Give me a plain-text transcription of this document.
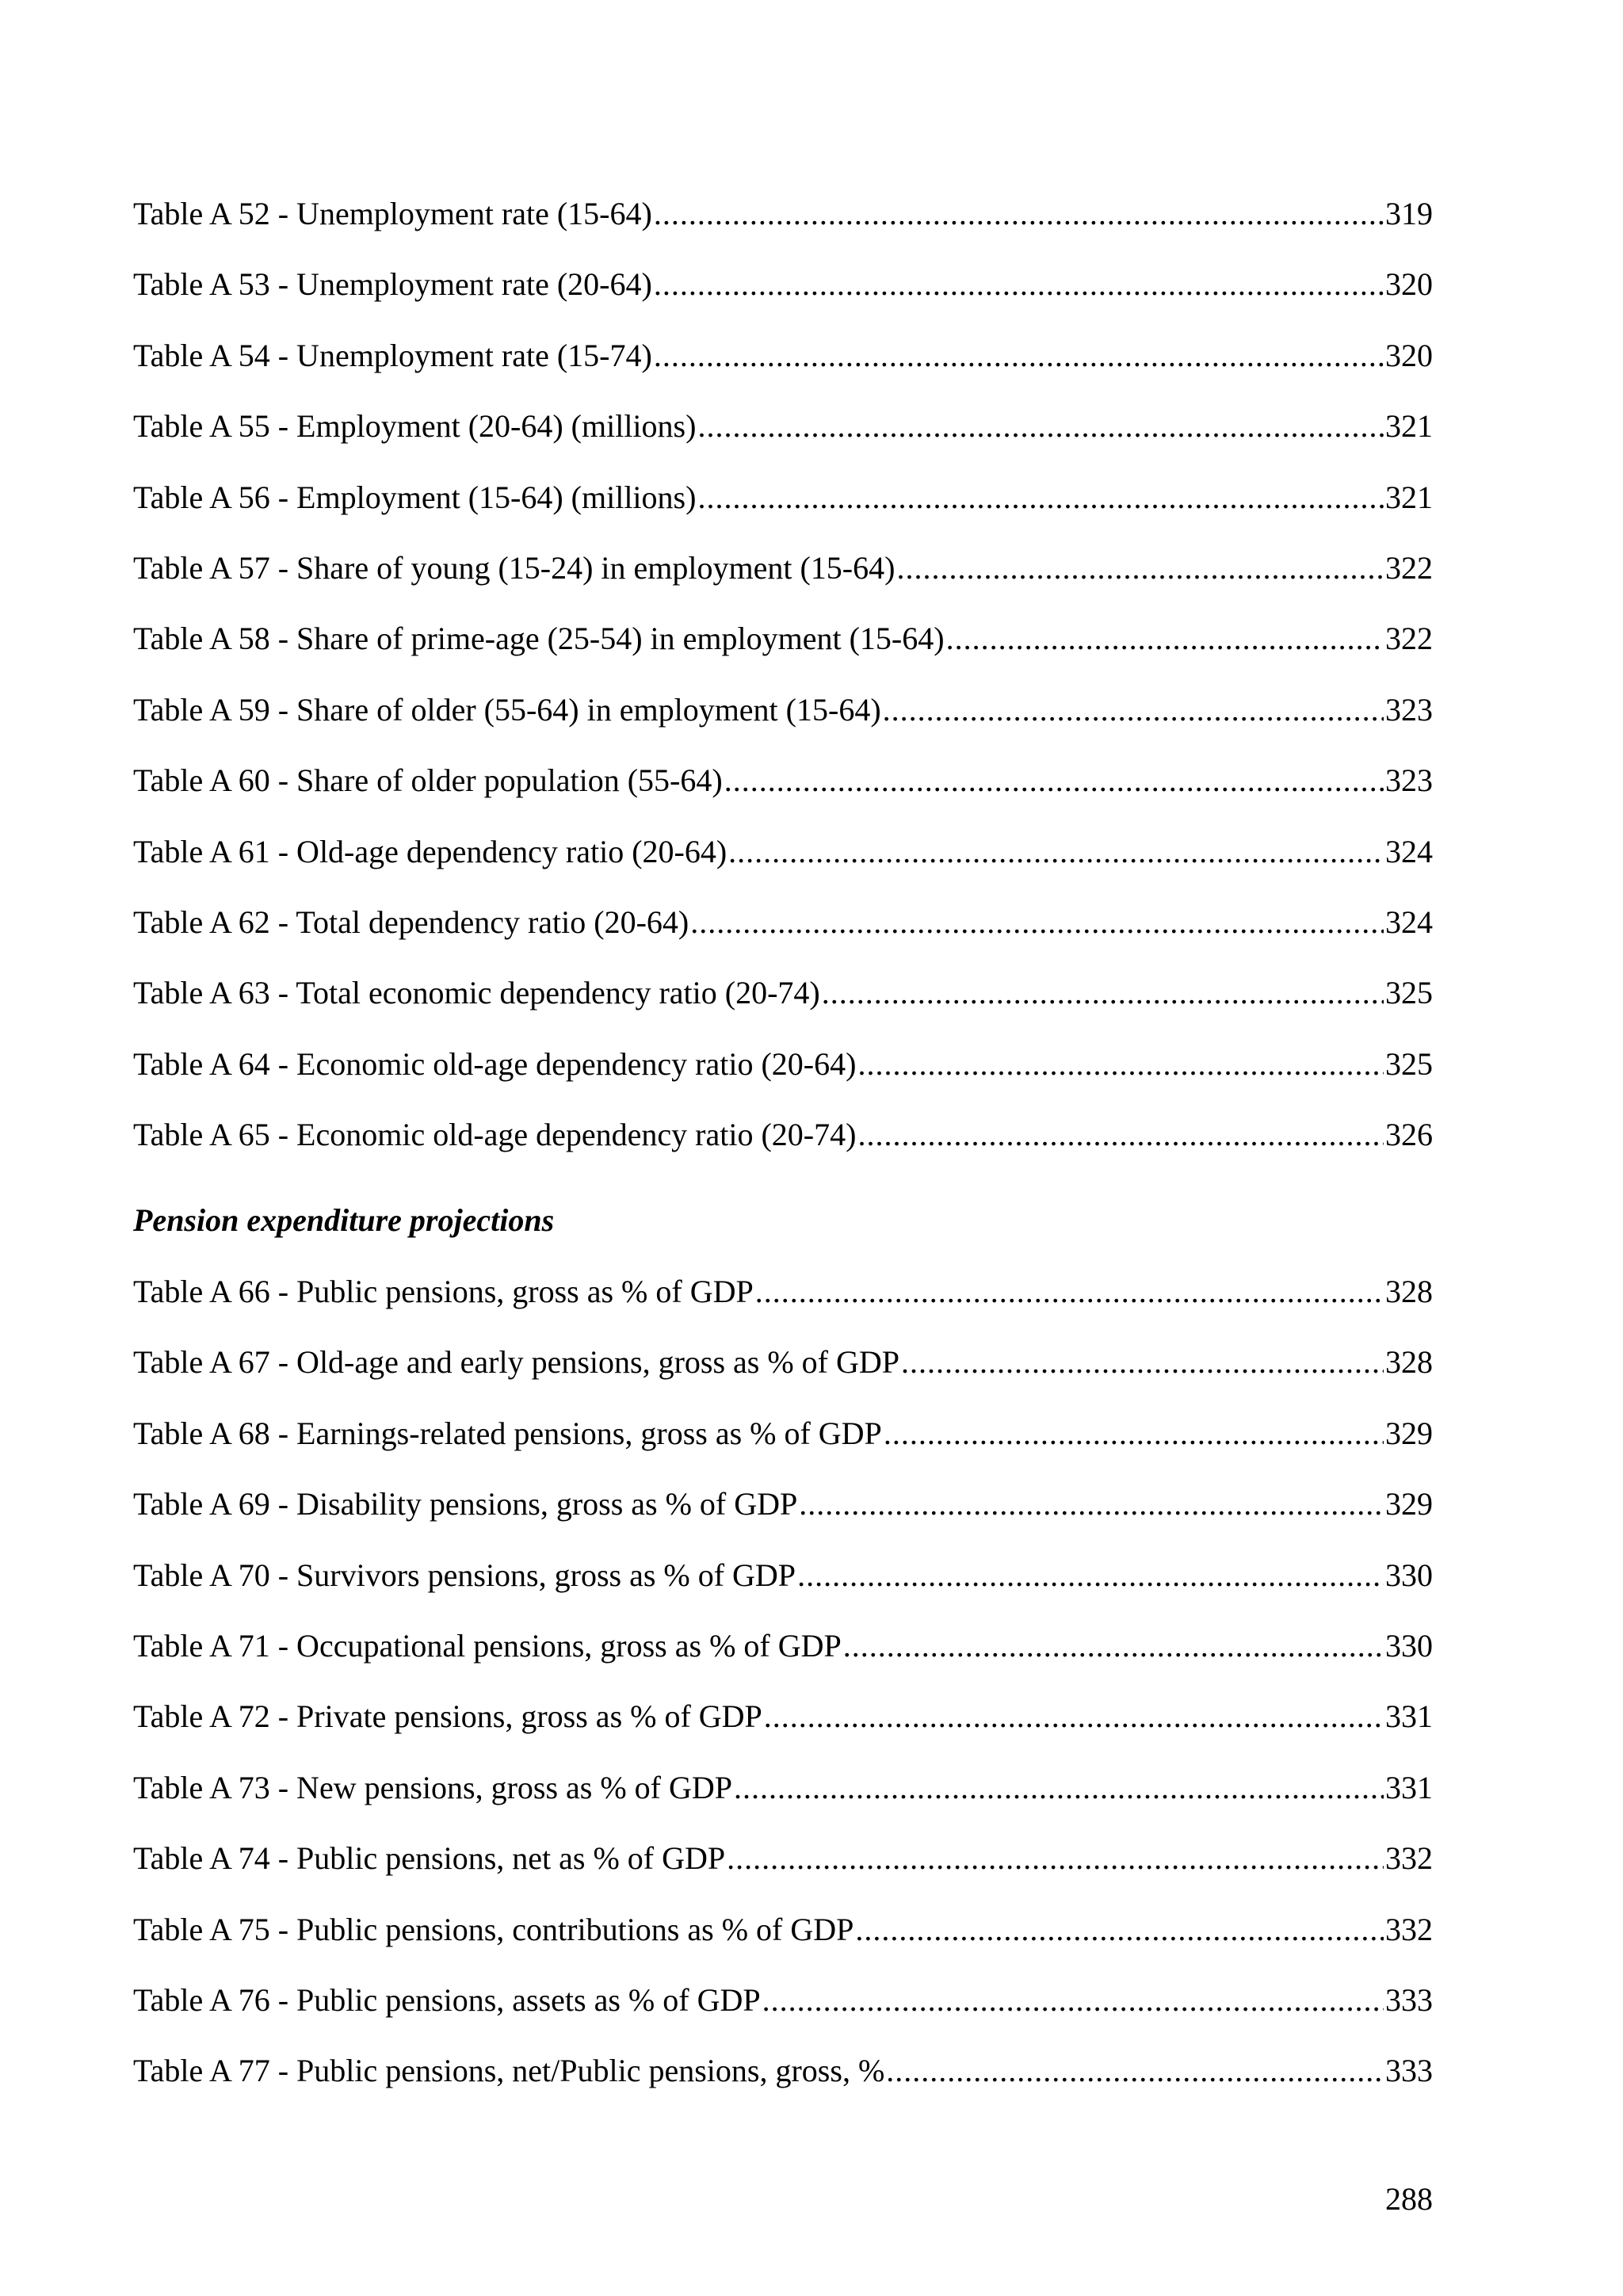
Table A 52 - Unemployment rate (15-64) .....	319
Table A 53 - Unemployment rate (20-64) .....	320
Table A 54 - Unemployment rate (15-74) .....	320
Table A 55 - Employment (20-64) (millions) .....	321
Table A 56 - Employment (15-64) (millions) .....	321
Table A 57 - Share of young (15-24) in employment (15-64) .....	322
Table A 58 - Share of prime-age (25-54) in employment (15-64) .....	322
Table A 59 - Share of older (55-64) in employment (15-64) .....	323
Table A 60 - Share of older population (55-64) .....	323
Table A 61 - Old-age dependency ratio (20-64) .....	324
Table A 62 - Total dependency ratio (20-64) .....	324
Table A 63 - Total economic dependency ratio (20-74) .....	325
Table A 64 - Economic old-age dependency ratio (20-64) .....	325
Table A 65 - Economic old-age dependency ratio (20-74) .....	326
Pension expenditure projections
Table A 66 - Public pensions, gross as % of GDP .....	328
Table A 67 - Old-age and early pensions, gross as % of GDP .....	328
Table A 68 - Earnings-related pensions, gross as % of GDP .....	329
Table A 69 - Disability pensions, gross as % of GDP .....	329
Table A 70 - Survivors pensions, gross as % of GDP .....	330
Table A 71 - Occupational pensions, gross as % of GDP .....	330
Table A 72 - Private pensions, gross as % of GDP .....	331
Table A 73 - New pensions, gross as % of GDP .....	331
Table A 74 - Public pensions, net as % of GDP .....	332
Table A 75 - Public pensions, contributions as % of GDP .....	332
Table A 76 - Public pensions, assets as % of GDP .....	333
Table A 77 - Public pensions, net/Public pensions, gross, % .....	333
288
